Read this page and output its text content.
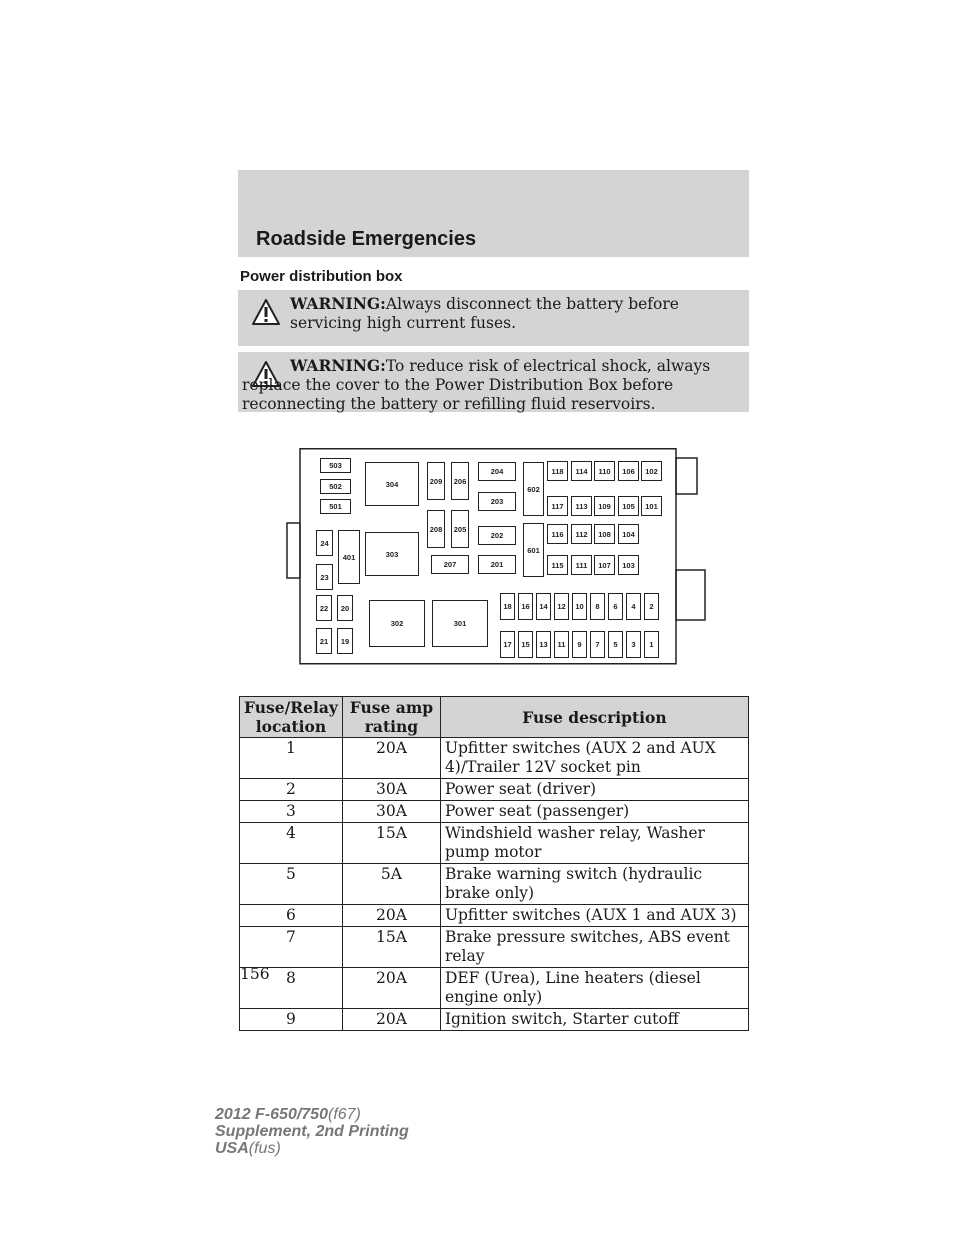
Roadside Emergencies
Power distribution box
WARNING:Always disconnect the battery before servicing high current fuses.
WARNING:To reduce risk of electrical shock, always replace the cover to the Power Distribution Box before reconnecting the battery or refilling fluid reservoirs.
503
502
501
304	209	206
204
203
602
118	114	110	106	102
117	113	109	105	101
208	205
202
601
116	112	108	104
24
401	303
23
207	201	115	111	107	103
22	20
302	301
18	16	14	12	10	8	6	4	2
21	19	17	15	13	11	9	7	5	3	1
Fuse/Relay location	Fuse amp rating	Fuse description
1	20A	Upfitter switches (AUX 2 and AUX 4)/Trailer 12V socket pin
2	30A	Power seat (driver)
3	30A	Power seat (passenger)
4	15A	Windshield washer relay, Washer pump motor
5	5A	Brake warning switch (hydraulic brake only)
6	20A	Upfitter switches (AUX 1 and AUX 3)
7	15A	Brake pressure switches, ABS event relay
8	20A	DEF (Urea), Line heaters (diesel engine only)
9	20A	Ignition switch, Starter cutoff
156
2012 F-650/750(f67)
Supplement, 2nd Printing
USA(fus)
